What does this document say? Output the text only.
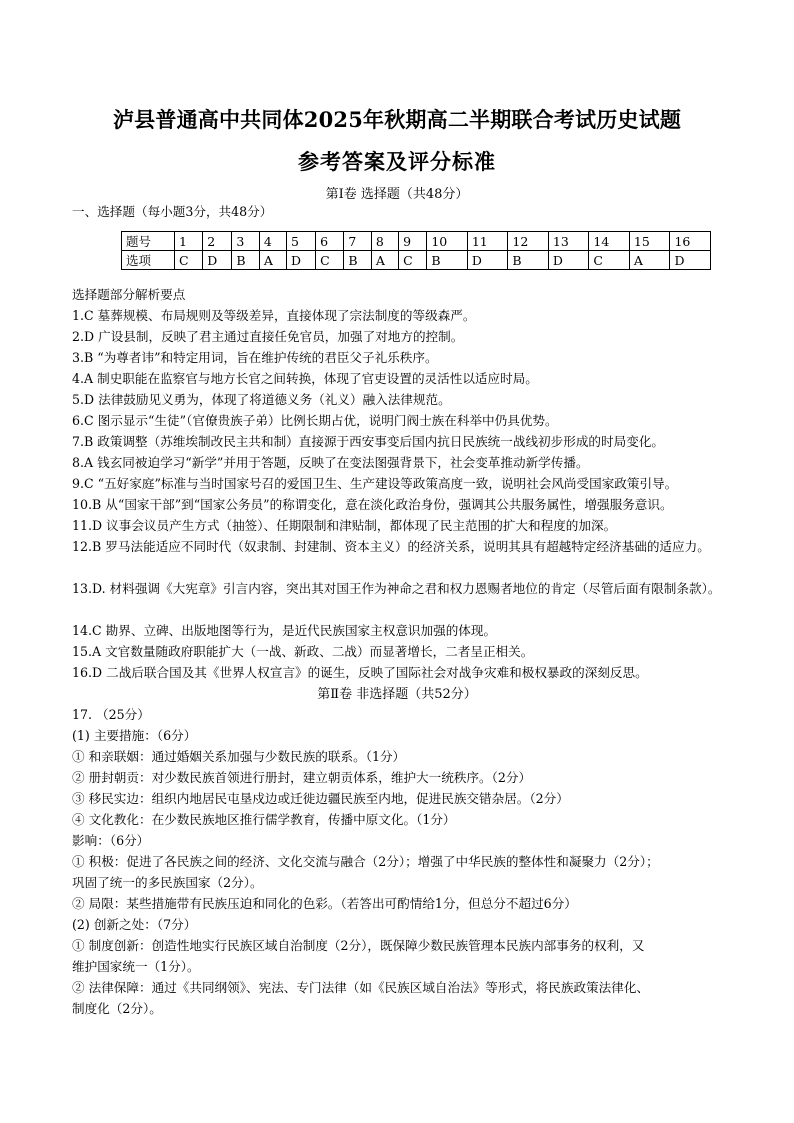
泸县普通高中共同体2025年秋期高二半期联合考试历史试题
参考答案及评分标准
第Ⅰ卷 选择题（共48分）
一、选择题（每小题3分，共48分）
题号	1	2	3	4	5	6	7	8	9	10	11	12	13	14	15	16
选项	C	D	B	A	D	C	B	A	C	B	D	B	D	C	A	D
选择题部分解析要点
1.C 墓葬规模、布局规则及等级差异，直接体现了宗法制度的等级森严。
2.D 广设县制，反映了君主通过直接任免官员，加强了对地方的控制。
3.B “为尊者讳”和特定用词，旨在维护传统的君臣父子礼乐秩序。
4.A 制史职能在监察官与地方长官之间转换，体现了官吏设置的灵活性以适应时局。
5.D 法律鼓励见义勇为，体现了将道德义务（礼义）融入法律规范。
6.C 图示显示“生徒”（官僚贵族子弟）比例长期占优，说明门阀士族在科举中仍具优势。
7.B 政策调整（苏维埃制改民主共和制）直接源于西安事变后国内抗日民族统一战线初步形成的时局变化。
8.A 钱玄同被迫学习“新学”并用于答题，反映了在变法图强背景下，社会变革推动新学传播。
9.C “五好家庭”标准与当时国家号召的爱国卫生、生产建设等政策高度一致，说明社会风尚受国家政策引导。
10.B 从“国家干部”到“国家公务员”的称谓变化，意在淡化政治身份，强调其公共服务属性，增强服务意识。
11.D 议事会议员产生方式（抽签）、任期限制和津贴制，都体现了民主范围的扩大和程度的加深。
12.B 罗马法能适应不同时代（奴隶制、封建制、资本主义）的经济关系，说明其具有超越特定经济基础的适应力。
13.D. 材料强调《大宪章》引言内容，突出其对国王作为神命之君和权力恩赐者地位的肯定（尽管后面有限制条款）。
14.C 勘界、立碑、出版地图等行为，是近代民族国家主权意识加强的体现。
15.A 文官数量随政府职能扩大（一战、新政、二战）而显著增长，二者呈正相关。
16.D 二战后联合国及其《世界人权宣言》的诞生，反映了国际社会对战争灾难和极权暴政的深刻反思。
第Ⅱ卷 非选择题（共52分）
17. （25分）
(1) 主要措施：（6分）
① 和亲联姻：通过婚姻关系加强与少数民族的联系。（1分）
② 册封朝贡：对少数民族首领进行册封，建立朝贡体系，维护大一统秩序。（2分）
③ 移民实边：组织内地居民屯垦戍边或迁徙边疆民族至内地，促进民族交错杂居。（2分）
④ 文化教化：在少数民族地区推行儒学教育，传播中原文化。（1分）
影响：（6分）
① 积极：促进了各民族之间的经济、文化交流与融合（2分）；增强了中华民族的整体性和凝聚力（2分）；
巩固了统一的多民族国家（2分）。
② 局限：某些措施带有民族压迫和同化的色彩。（若答出可酌情给1分，但总分不超过6分）
(2) 创新之处：（7分）
① 制度创新：创造性地实行民族区域自治制度（2分），既保障少数民族管理本民族内部事务的权利，又
维护国家统一（1分）。
② 法律保障：通过《共同纲领》、宪法、专门法律（如《民族区域自治法》等形式，将民族政策法律化、
制度化（2分）。
